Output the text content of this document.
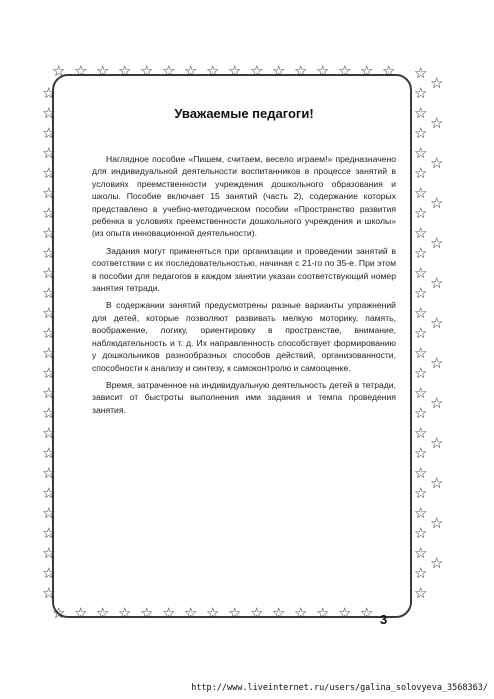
☆ ☆ ☆ ☆ ☆ ☆ ☆ ☆ ☆ ☆ ☆ ☆ ☆ ☆ ☆ ☆
☆ ☆ ☆ ☆ ☆ ☆ ☆ ☆ ☆ ☆ ☆ ☆ ☆ ☆ ☆
☆
☆
☆
☆
☆
☆
☆
☆
☆
☆
☆
☆
☆
☆
☆
☆
☆
☆
☆
☆
☆
☆
☆
☆
☆
☆
☆
☆
☆
☆
☆
☆
☆
☆
☆
☆
☆
☆
☆
☆
☆
☆
☆
☆
☆
☆
☆
☆
☆
☆
☆
☆
☆
☆
☆
☆
☆
☆
☆
☆
☆
☆
☆
☆
☆
☆
Уважаемые педагоги!

Наглядное пособие «Пишем, считаем, весело играем!» предназначено для индивидуальной деятельности воспитанников в процессе занятий в условиях преемственности учреждения дошкольного образования и школы. Пособие включает 15 занятий (часть 2), содержание которых представлено в учебно-методическом пособии «Пространство развития ребенка в условиях преемственности дошкольного учреждения и школы» (из опыта инновационной деятельности).

Задания могут применяться при организации и проведении занятий в соответствии с их последовательностью, начиная с 21-го по 35-е. При этом в пособии для педагогов в каждом занятии указан соответствующий номер занятия тетради.

В содержании занятий предусмотрены разные варианты упражнений для детей, которые позволяют развивать мелкую моторику, память, воображение, логику, ориентировку в пространстве, внимание, наблюдательность и т. д. Их направленность способствует формированию у дошкольников разнообразных способов действий, организованности, способности к анализу и синтезу, к самоконтролю и самооценке.

Время, затраченное на индивидуальную деятельность детей в тетради, зависит от быстроты выполнения ими задания и темпа проведения занятия.

3
http://www.liveinternet.ru/users/galina_solovyeva_3568363/
